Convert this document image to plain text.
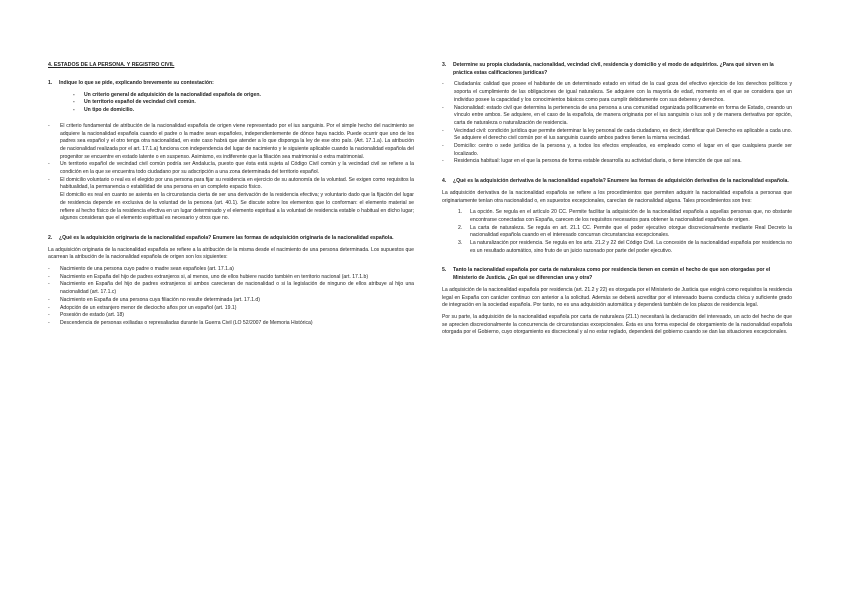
4. ESTADOS DE LA PERSONA. Y REGISTRO CIVIL
1.	Indique lo que se pide, explicando brevemente su contestación:
- Un criterio general de adquisición de la nacionalidad española de origen.
- Un territorio español de vecindad civil común.
- Un tipo de domicilio.
-	El criterio fundamental de atribución de la nacionalidad española de origen viene representado por el ius sanguinis. Por el simple hecho del nacimiento se adquiere la nacionalidad española cuando el padre o la madre sean españoles, independientemente de dónce haya nacido. Puede ocurrir que uno de los padres sea español y el otro tenga otra nacionalidad, en este caso habrá que atender a lo que disponga la ley de ese otro país. (Art. 17.1.a). La atribución de nacionalidad realizada por el art. 17.1.a) funciona con independencia del lugar de nacimiento y le siguiente aplicable cuando la nacionalidad española del progenitor se encuentre en estado latente o en suspenso. Asimismo, es indiferente que la filiación sea matrimonial o extra matrimonial.
-	Un territorio español de vecindad civil común podría ser Andalucía, puesto que ésta está sujeta al Código Civil común y la vecindad civil se refiere a la condición en la que se encuentra todo ciudadano por su adscripción a una zona determinada del territorio español.
-	El domicilio voluntario o real es el elegido por una persona para fijar su residencia en ejercicio de su autonomía de la voluntad. Se exigen como requisitos la habitualidad, la permanencia o estabilidad de una persona en un completo espacio físico.
El domicilio es real en cuanto se asienta en la circunstancia cierta de ser una derivación de la residencia efectiva; y voluntario dado que la fijación del lugar de residencia depende en exclusiva de la voluntad de la persona (art. 40.1). Se discute sobre los elementos que lo conforman: el elemento material se refiere al hecho físico de la residencia efectiva en un lugar determinado y el elemento espiritual a la voluntad de residencia estable o habitual en dicho lugar; algunos consideran que el elemento espiritual es necesario y otros que no.
2.	¿Qué es la adquisición originaria de la nacionalidad española? Enumere las formas de adquisición originaria de la nacionalidad española.
La adquisición originaria de la nacionalidad española se refiere a la atribución de la misma desde el nacimiento de una persona determinada. Los supuestos que acarrean la atribución de la nacionalidad española de origen son los siguientes:
-	Nacimiento de una persona cuyo padre o madre sean españoles (art. 17.1.a)
-	Nacimiento en España del hijo de padres extranjeros si, al menos, uno de ellos hubiere nacido también en territorio nacional (art. 17.1.b)
-	Nacimiento en España del hijo de padres extranjeros si ambos carecieran de nacionalidad o si la legislación de ninguno de ellos atribuye al hijo una nacionalidad (art. 17.1.c)
-	Nacimiento en España de una persona cuya filiación no resulte determinada (art. 17.1.d)
-	Adopción de un extranjero menor de dieciocho años por un español (art. 19.1)
-	Posesión de estado (art. 18)
-	Descendencia de personas exiliadas o represaliadas durante la Guerra Civil (LO 52/2007 de Memoria Histórica)
3.	Determine su propia ciudadanía, nacionalidad, vecindad civil, residencia y domicilio y el modo de adquirirlos. ¿Para qué sirven en la práctica estas calificaciones jurídicas?
-	Ciudadanía: calidad que posee el habitante de un determinado estado en virtud de la cual goza del efectivo ejercicio de los derechos políticos y soporta el cumplimiento de las obligaciones de igual naturaleza. Se adquiere con la mayoría de edad, momento en el que se considera que un individuo posee la capacidad y los conocimientos básicos como para cumplir debidamente con sus deberes y derechos.
-	Nacionalidad: estado civil que determina la pertenencia de una persona a una comunidad organizada políticamente en forma de Estado, creando un vínculo entre ambos. Se adquiere, en el caso de la española, de manera originaria por el ius sanguinis o ius soli y de manera derivativa por opción, carta de naturaleza o naturalización de residencia.
-	Vecindad civil: condición jurídica que permite determinar la ley personal de cada ciudadano, es decir, identificar qué Derecho es aplicable a cada uno. Se adquiere el derecho civil común por el ius sanguinis cuando ambos padres tienen la misma vecindad.
-	Domicilio: centro o sede jurídica de la persona y, a todos los efectos empleados, es empleado como el lugar en el que cualquiera puede ser localizado.
-	Residencia habitual: lugar en el que la persona de forma estable desarrolla su actividad diaria, o tiene intención de que así sea.
4.	¿Qué es la adquisición derivativa de la nacionalidad española? Enumere las formas de adquisición derivativa de la nacionalidad española.
La adquisición derivativa de la nacionalidad española se refiere a los procedimientos que permiten adquirir la nacionalidad española a personas que originariamente tenían otra nacionalidad o, en supuestos excepcionales, carecían de nacionalidad alguna. Tales procedimientos son tres:
1.	La opción. Se regula en el artículo 20 CC. Permite facilitar la adquisición de la nacionalidad española a aquellas personas que, no obstante encontrarse conectadas con España, carecen de los requisitos necesarios para obtener la nacionalidad española de origen.
2.	La carta de naturaleza. Se regula en art. 21.1 CC. Permite que el poder ejecutivo otorgue discrecionalmente mediante Real Decreto la nacionalidad española cuando en el interesado concurran circunstancias excepcionales.
3.	La naturalización por residencia. Se regula en los arts. 21.2 y 22 del Código Civil. La concesión de la nacionalidad española por residencia no es un resultado automático, sino fruto de un juicio razonado por parte del poder ejecutivo.
5.	Tanto la nacionalidad española por carta de naturaleza como por residencia tienen en común el hecho de que son otorgadas por el Ministerio de Justicia. ¿En qué se diferencian una y otra?
La adquisición de la nacionalidad española por residencia (art. 21.2 y 22) es otorgada por el Ministerio de Justicia que exigirá como requisitos la residencia legal en España con carácter continuo con anterior a la solicitud. Además se deberá acreditar por el interesado buena conducta cívica y suficiente grado de integración en la sociedad española. Por tanto, no es una adquisición automática y dependerá también de los plazos de residencia legal.
Por su parte, la adquisición de la nacionalidad española por carta de naturaleza (21.1) necesitará la declaración del interesado, un acto del hecho de que se aprecien discrecionalmente la concurrencia de circunstancias excepcionales. Ésta es una forma especial de otorgamiento de la nacionalidad española otorgada por el Gobierno, cuyo otorgamiento es discrecional y al no estar reglado, dependerá del gobierno cuando se dan las situaciones excepcionales.
